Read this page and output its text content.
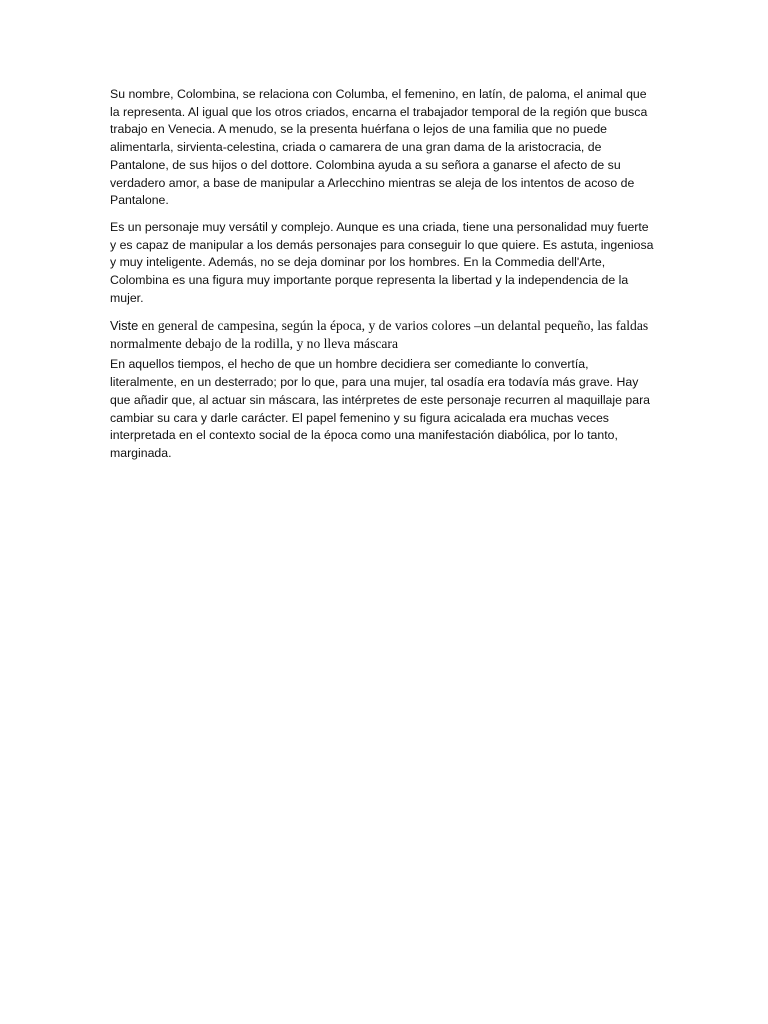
Su nombre, Colombina, se relaciona con Columba, el femenino, en latín, de paloma, el animal que la representa. Al igual que los otros criados, encarna el trabajador temporal de la región que busca trabajo en Venecia. A menudo, se la presenta huérfana o lejos de una familia que no puede alimentarla, sirvienta-celestina, criada o camarera de una gran dama de la aristocracia, de Pantalone, de sus hijos o del dottore. Colombina ayuda a su señora a ganarse el afecto de su verdadero amor, a base de manipular a Arlecchino mientras se aleja de los intentos de acoso de Pantalone.

Es un personaje muy versátil y complejo. Aunque es una criada, tiene una personalidad muy fuerte y es capaz de manipular a los demás personajes para conseguir lo que quiere. Es astuta, ingeniosa y muy inteligente. Además, no se deja dominar por los hombres. En la Commedia dell'Arte, Colombina es una figura muy importante porque representa la libertad y la independencia de la mujer.

Viste en general de campesina, según la época, y de varios colores –un delantal pequeño, las faldas normalmente debajo de la rodilla, y no lleva máscara

En aquellos tiempos, el hecho de que un hombre decidiera ser comediante lo convertía, literalmente, en un desterrado; por lo que, para una mujer, tal osadía era todavía más grave. Hay que añadir que, al actuar sin máscara, las intérpretes de este personaje recurren al maquillaje para cambiar su cara y darle carácter. El papel femenino y su figura acicalada era muchas veces interpretada en el contexto social de la época como una manifestación diabólica, por lo tanto, marginada.
